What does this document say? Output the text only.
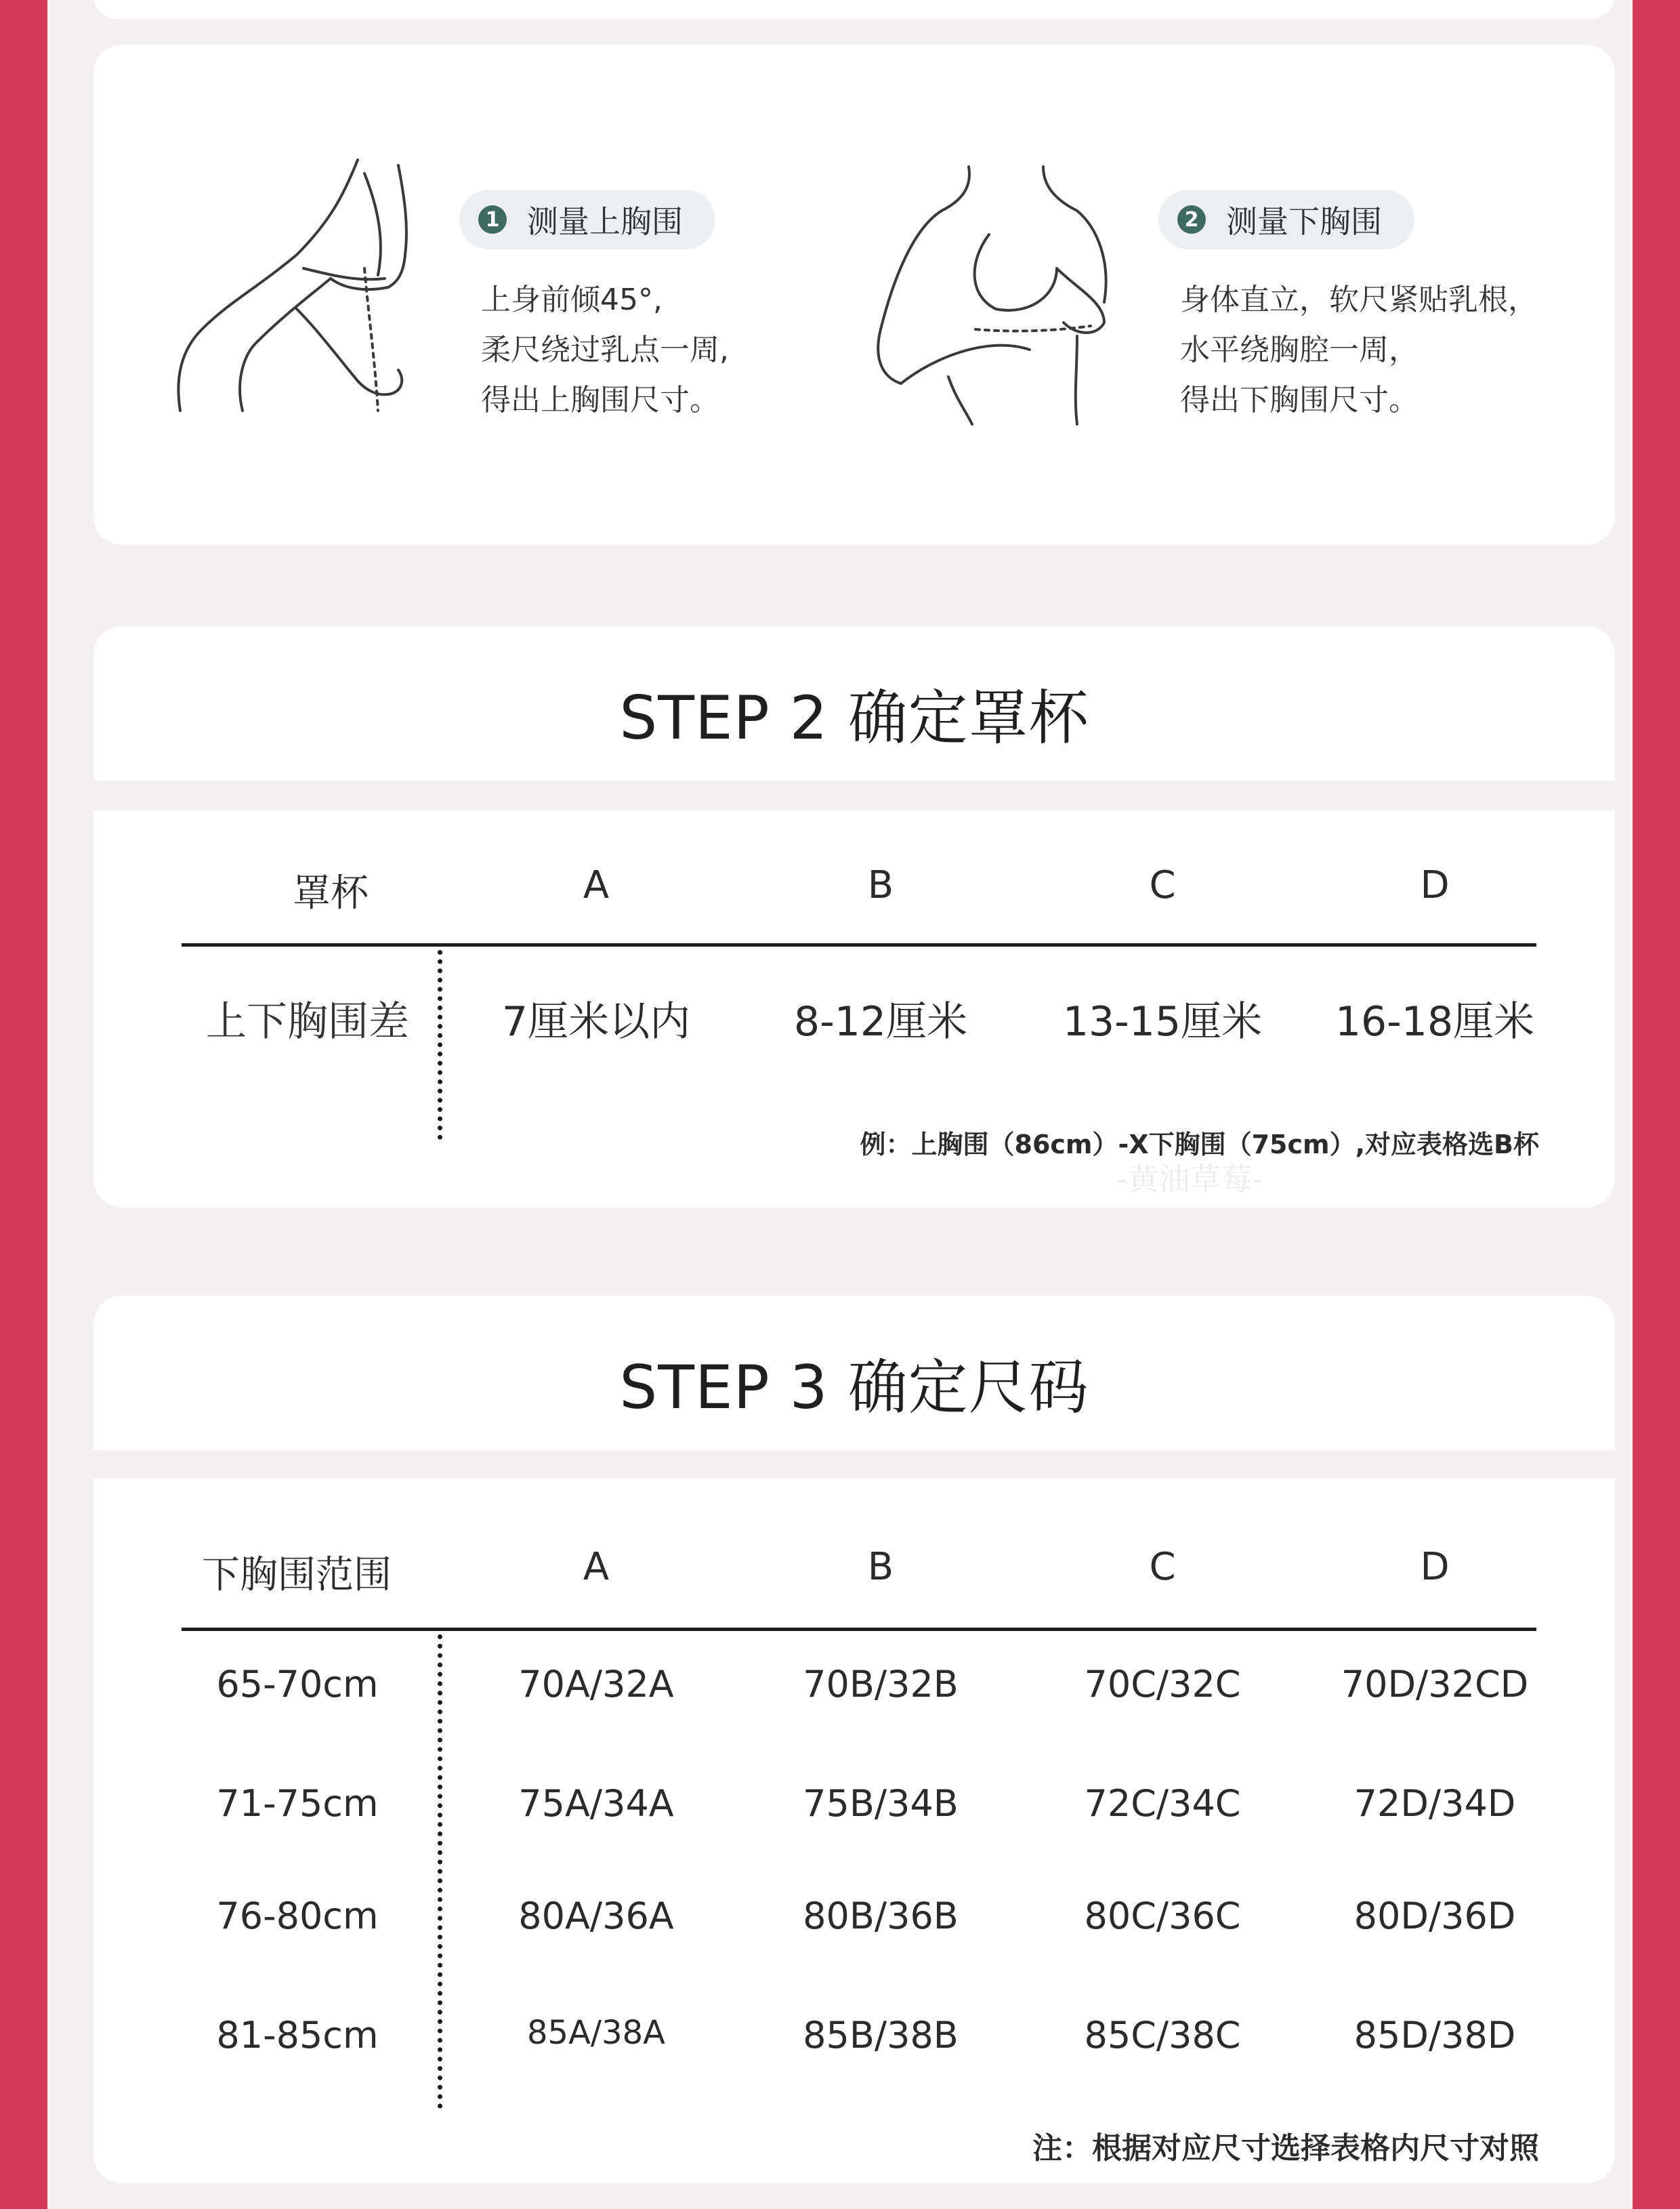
1 测量上胸围
上身前倾45°,
柔尺绕过乳点一周,
得出上胸围尺寸。
2 测量下胸围
身体直立，软尺紧贴乳根，
水平绕胸腔一周，
得出下胸围尺寸。
STEP 2 确定罩杯
罩杯	A	B	C	D
上下胸围差	7厘米以内	8-12厘米	13-15厘米	16-18厘米
例：上胸围（86cm）-X下胸围（75cm）,对应表格选B杯
-黄油草莓-
STEP 3 确定尺码
下胸围范围	A	B	C	D
65-70cm	70A/32A	70B/32B	70C/32C	70D/32CD
71-75cm	75A/34A	75B/34B	72C/34C	72D/34D
76-80cm	80A/36A	80B/36B	80C/36C	80D/36D
81-85cm	85A/38A	85B/38B	85C/38C	85D/38D
注：根据对应尺寸选择表格内尺寸对照
